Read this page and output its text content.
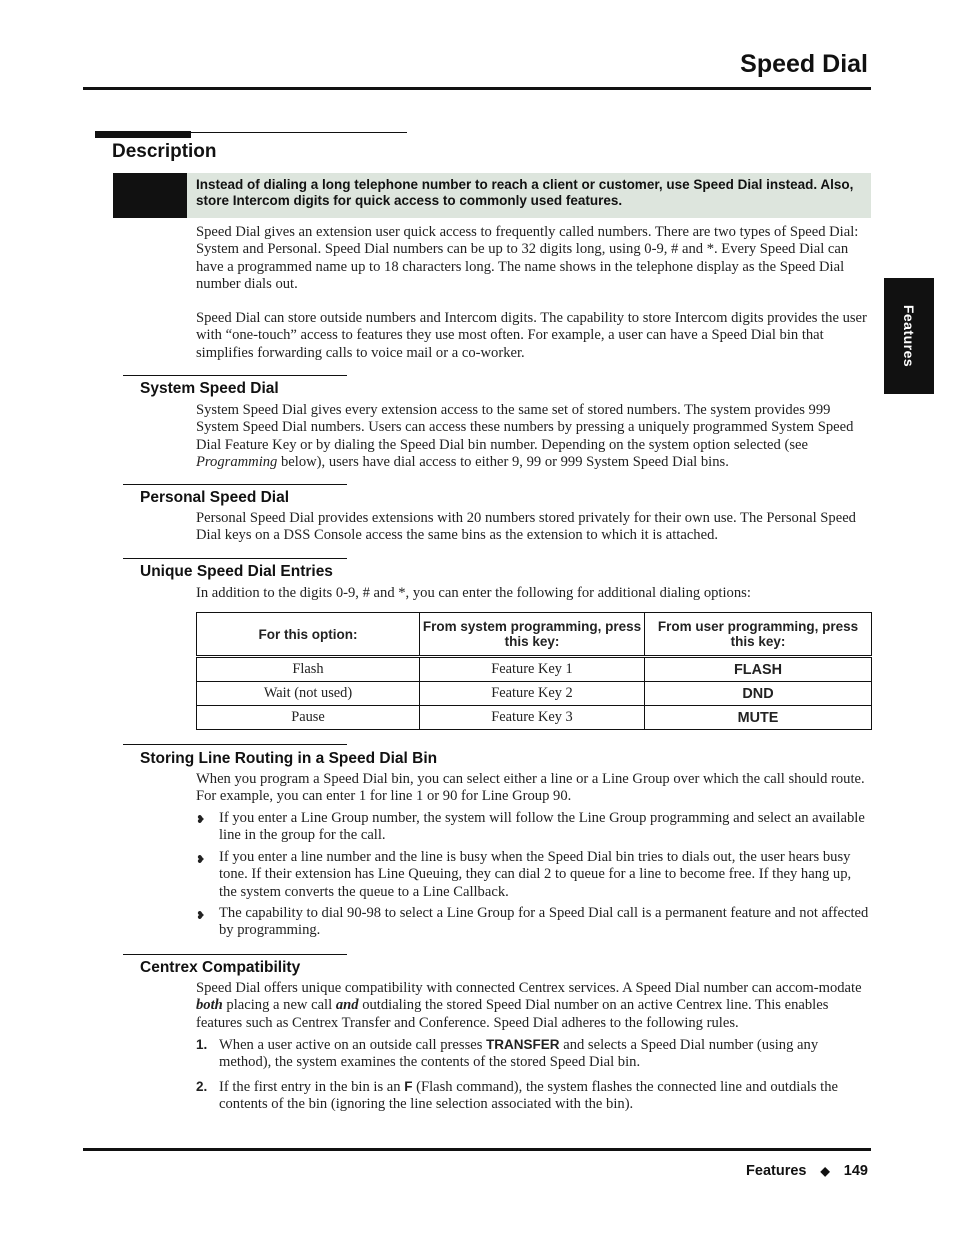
Speed Dial
Features
Description
Instead of dialing a long telephone number to reach a client or customer, use Speed Dial instead. Also, store Intercom digits for quick access to commonly used features.
Speed Dial gives an extension user quick access to frequently called numbers. There are two types of Speed Dial: System and Personal. Speed Dial numbers can be up to 32 digits long, using 0-9, # and *. Every Speed Dial can have a programmed name up to 18 characters long. The name shows in the telephone display as the Speed Dial number dials out.
Speed Dial can store outside numbers and Intercom digits. The capability to store Intercom digits provides the user with “one-touch” access to features they use most often. For example, a user can have a Speed Dial bin that simplifies forwarding calls to voice mail or a co-worker.
System Speed Dial
System Speed Dial gives every extension access to the same set of stored numbers. The system provides 999 System Speed Dial numbers. Users can access these numbers by pressing a uniquely programmed System Speed Dial Feature Key or by dialing the Speed Dial bin number. Depending on the system option selected (see Programming below), users have dial access to either 9, 99 or 999 System Speed Dial bins.
Personal Speed Dial
Personal Speed Dial provides extensions with 20 numbers stored privately for their own use. The Personal Speed Dial keys on a DSS Console access the same bins as the extension to which it is attached.
Unique Speed Dial Entries
In addition to the digits 0-9, # and *, you can enter the following for additional dialing options:
For this option:	From system programming, press this key:	From user programming, press this key:
Flash	Feature Key 1	FLASH
Wait (not used)	Feature Key 2	DND
Pause	Feature Key 3	MUTE
Storing Line Routing in a Speed Dial Bin
When you program a Speed Dial bin, you can select either a line or a Line Group over which the call should route. For example, you can enter 1 for line 1 or 90 for Line Group 90.
❥ If you enter a Line Group number, the system will follow the Line Group programming and select an available line in the group for the call.
❥ If you enter a line number and the line is busy when the Speed Dial bin tries to dials out, the user hears busy tone. If their extension has Line Queuing, they can dial 2 to queue for a line to become free. If they hang up, the system converts the queue to a Line Callback.
❥ The capability to dial 90-98 to select a Line Group for a Speed Dial call is a permanent feature and not affected by programming.
Centrex Compatibility
Speed Dial offers unique compatibility with connected Centrex services. A Speed Dial number can accom-modate both placing a new call and outdialing the stored Speed Dial number on an active Centrex line. This enables features such as Centrex Transfer and Conference. Speed Dial adheres to the following rules.
1. When a user active on an outside call presses TRANSFER and selects a Speed Dial number (using any method), the system examines the contents of the stored Speed Dial bin.
2. If the first entry in the bin is an F (Flash command), the system flashes the connected line and outdials the contents of the bin (ignoring the line selection associated with the bin).
Features ◆ 149
